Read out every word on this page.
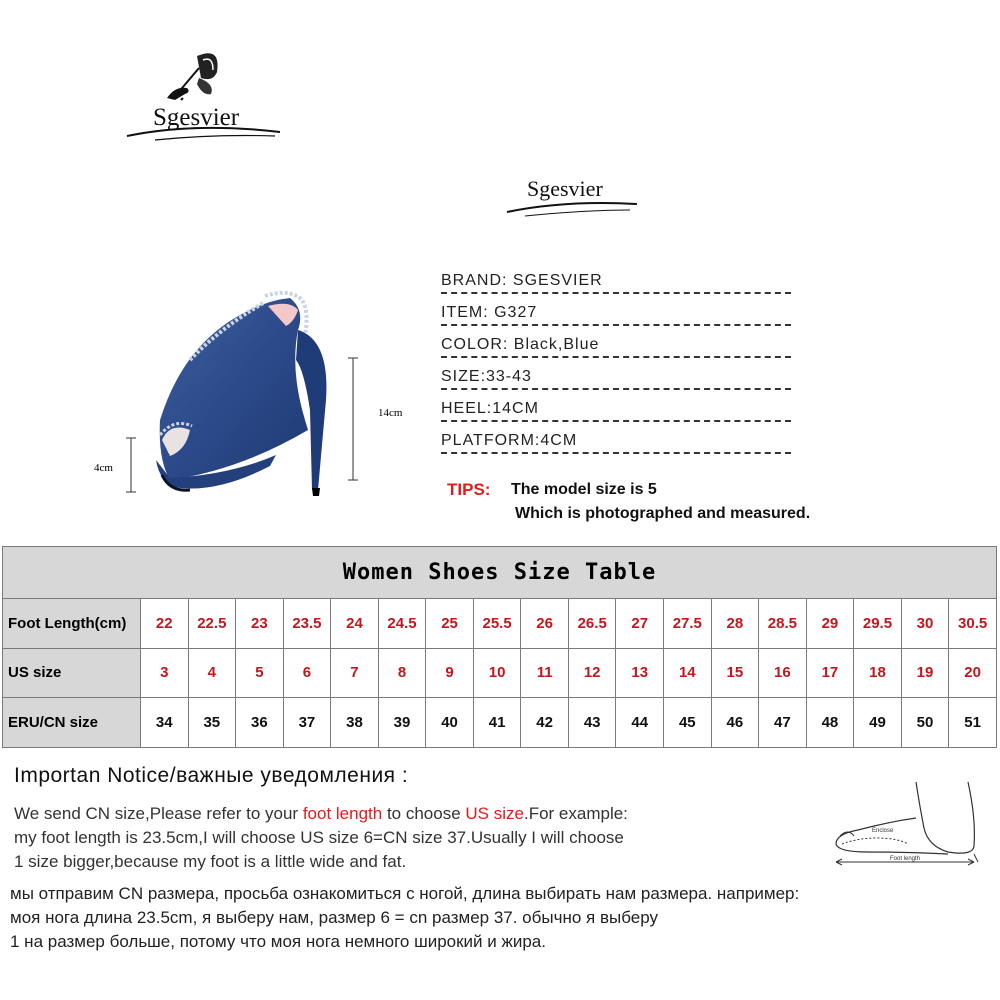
Sgesvier
Sgesvier
4cm
14cm
BRAND: SGESVIER
ITEM: G327
COLOR: Black,Blue
SIZE:33-43
HEEL:14CM
PLATFORM:4CM
TIPS: The model size is 5
Which is photographed and measured.
Women Shoes Size Table																		
Foot Length(cm)	22	22.5	23	23.5	24	24.5	25	25.5	26	26.5	27	27.5	28	28.5	29	29.5	30	30.5
US size	3	4	5	6	7	8	9	10	11	12	13	14	15	16	17	18	19	20
ERU/CN size	34	35	36	37	38	39	40	41	42	43	44	45	46	47	48	49	50	51
Importan Notice/важные уведомления :
We send CN size,Please refer to your foot length to choose US size.For example:
my foot length is 23.5cm,I will choose US size 6=CN size 37.Usually I will choose
1 size bigger,because my foot is a little wide and fat.
мы отправим CN размера, просьба ознакомиться с ногой, длина выбирать нам размера. например:
моя нога длина 23.5cm, я выберу нам, размер 6 = cn размер 37. обычно я выберу
1 на размер больше, потому что моя нога немного широкий и жира.
Enclose
Foot length
